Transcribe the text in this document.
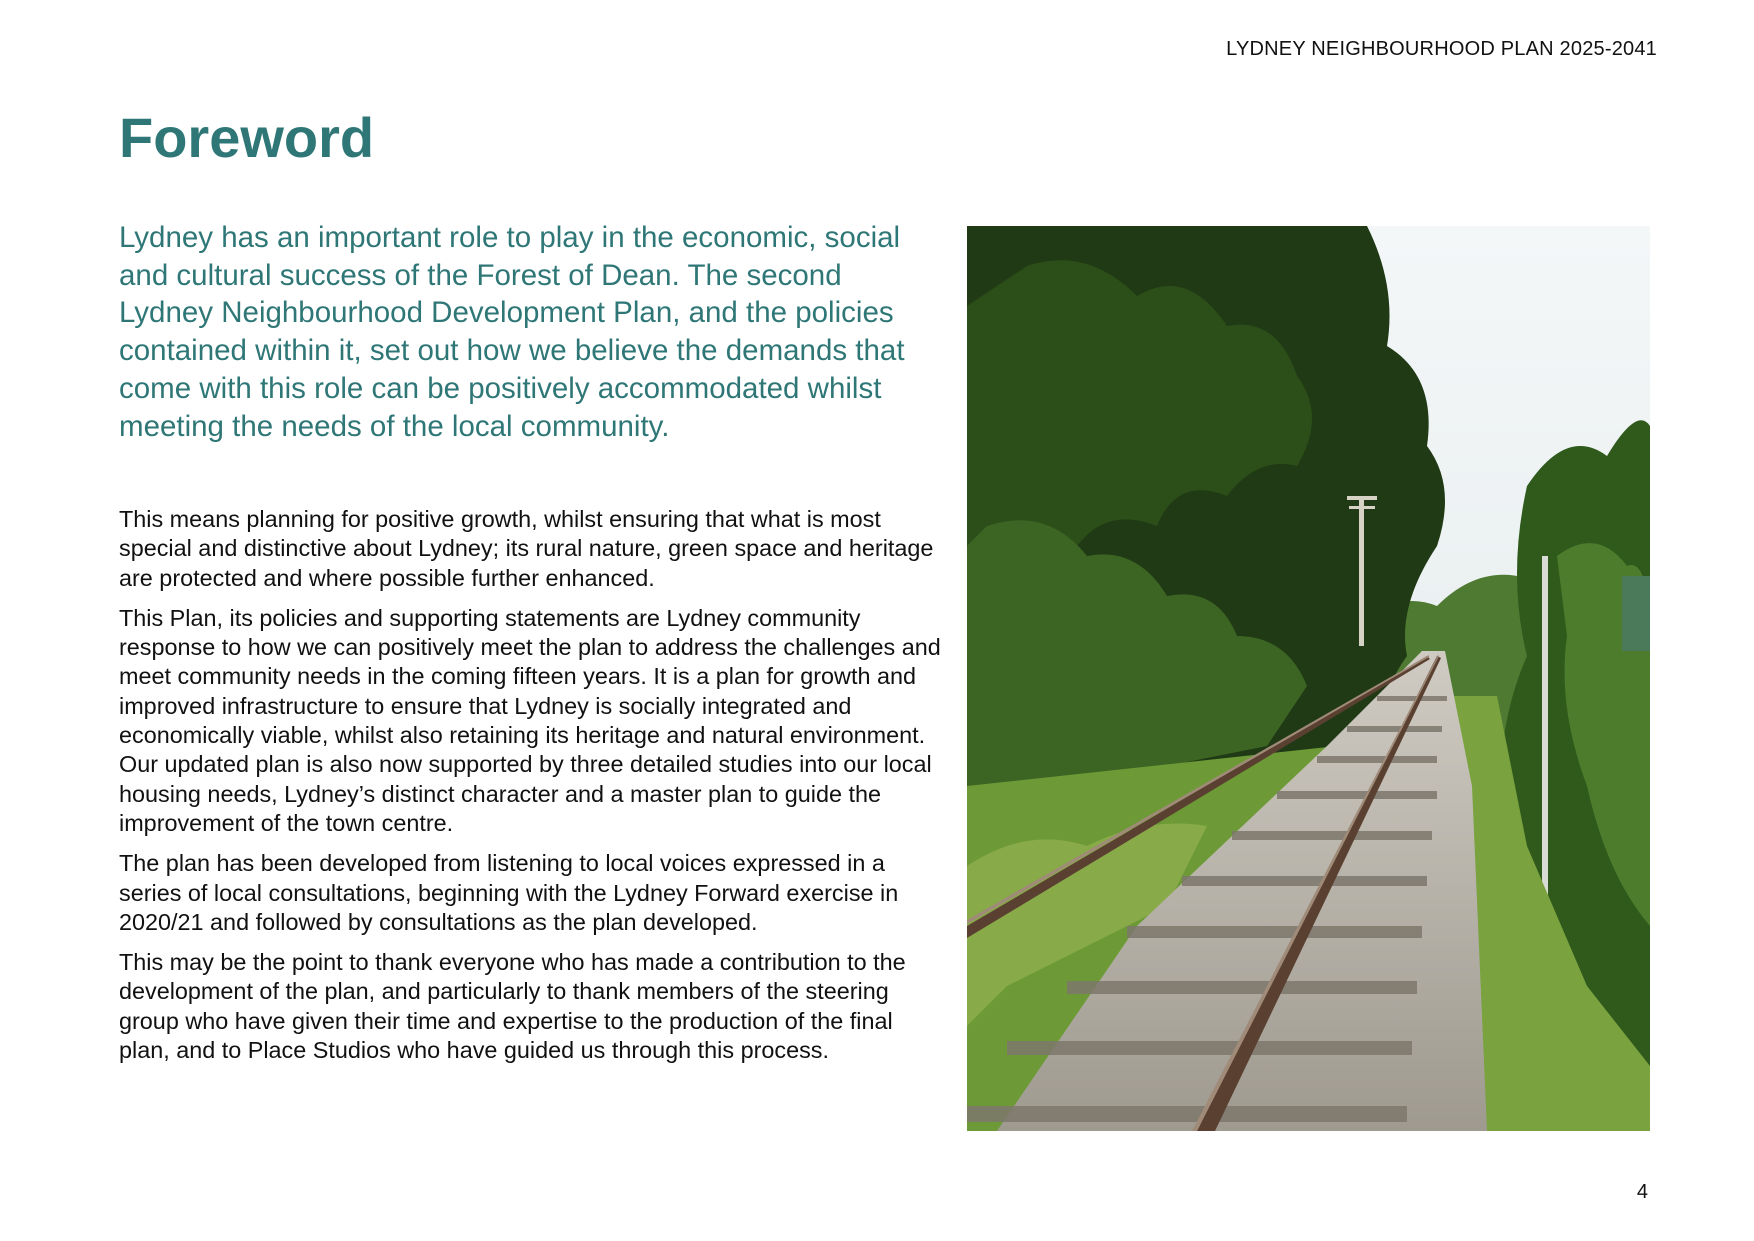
LYDNEY NEIGHBOURHOOD PLAN 2025-2041
Foreword

Lydney has an important role to play in the economic, social and cultural success of the Forest of Dean. The second Lydney Neighbourhood Development Plan, and the policies contained within it, set out how we believe the demands that come with this role can be positively accommodated whilst meeting the needs of the local community.

This means planning for positive growth, whilst ensuring that what is most special and distinctive about Lydney; its rural nature, green space and heritage are protected and where possible further enhanced.

This Plan, its policies and supporting statements are Lydney community response to how we can positively meet the plan to address the challenges and meet community needs in the coming fifteen years. It is a plan for growth and improved infrastructure to ensure that Lydney is socially integrated and economically viable, whilst also retaining its heritage and natural environment. Our updated plan is also now supported by three detailed studies into our local housing needs, Lydney’s distinct character and a master plan to guide the improvement of the town centre.

The plan has been developed from listening to local voices expressed in a series of local consultations, beginning with the Lydney Forward exercise in 2020/21 and followed by consultations as the plan developed.

This may be the point to thank everyone who has made a contribution to the development of the plan, and particularly to thank members of the steering group who have given their time and expertise to the production of the final plan, and to Place Studios who have guided us through this process.

4
